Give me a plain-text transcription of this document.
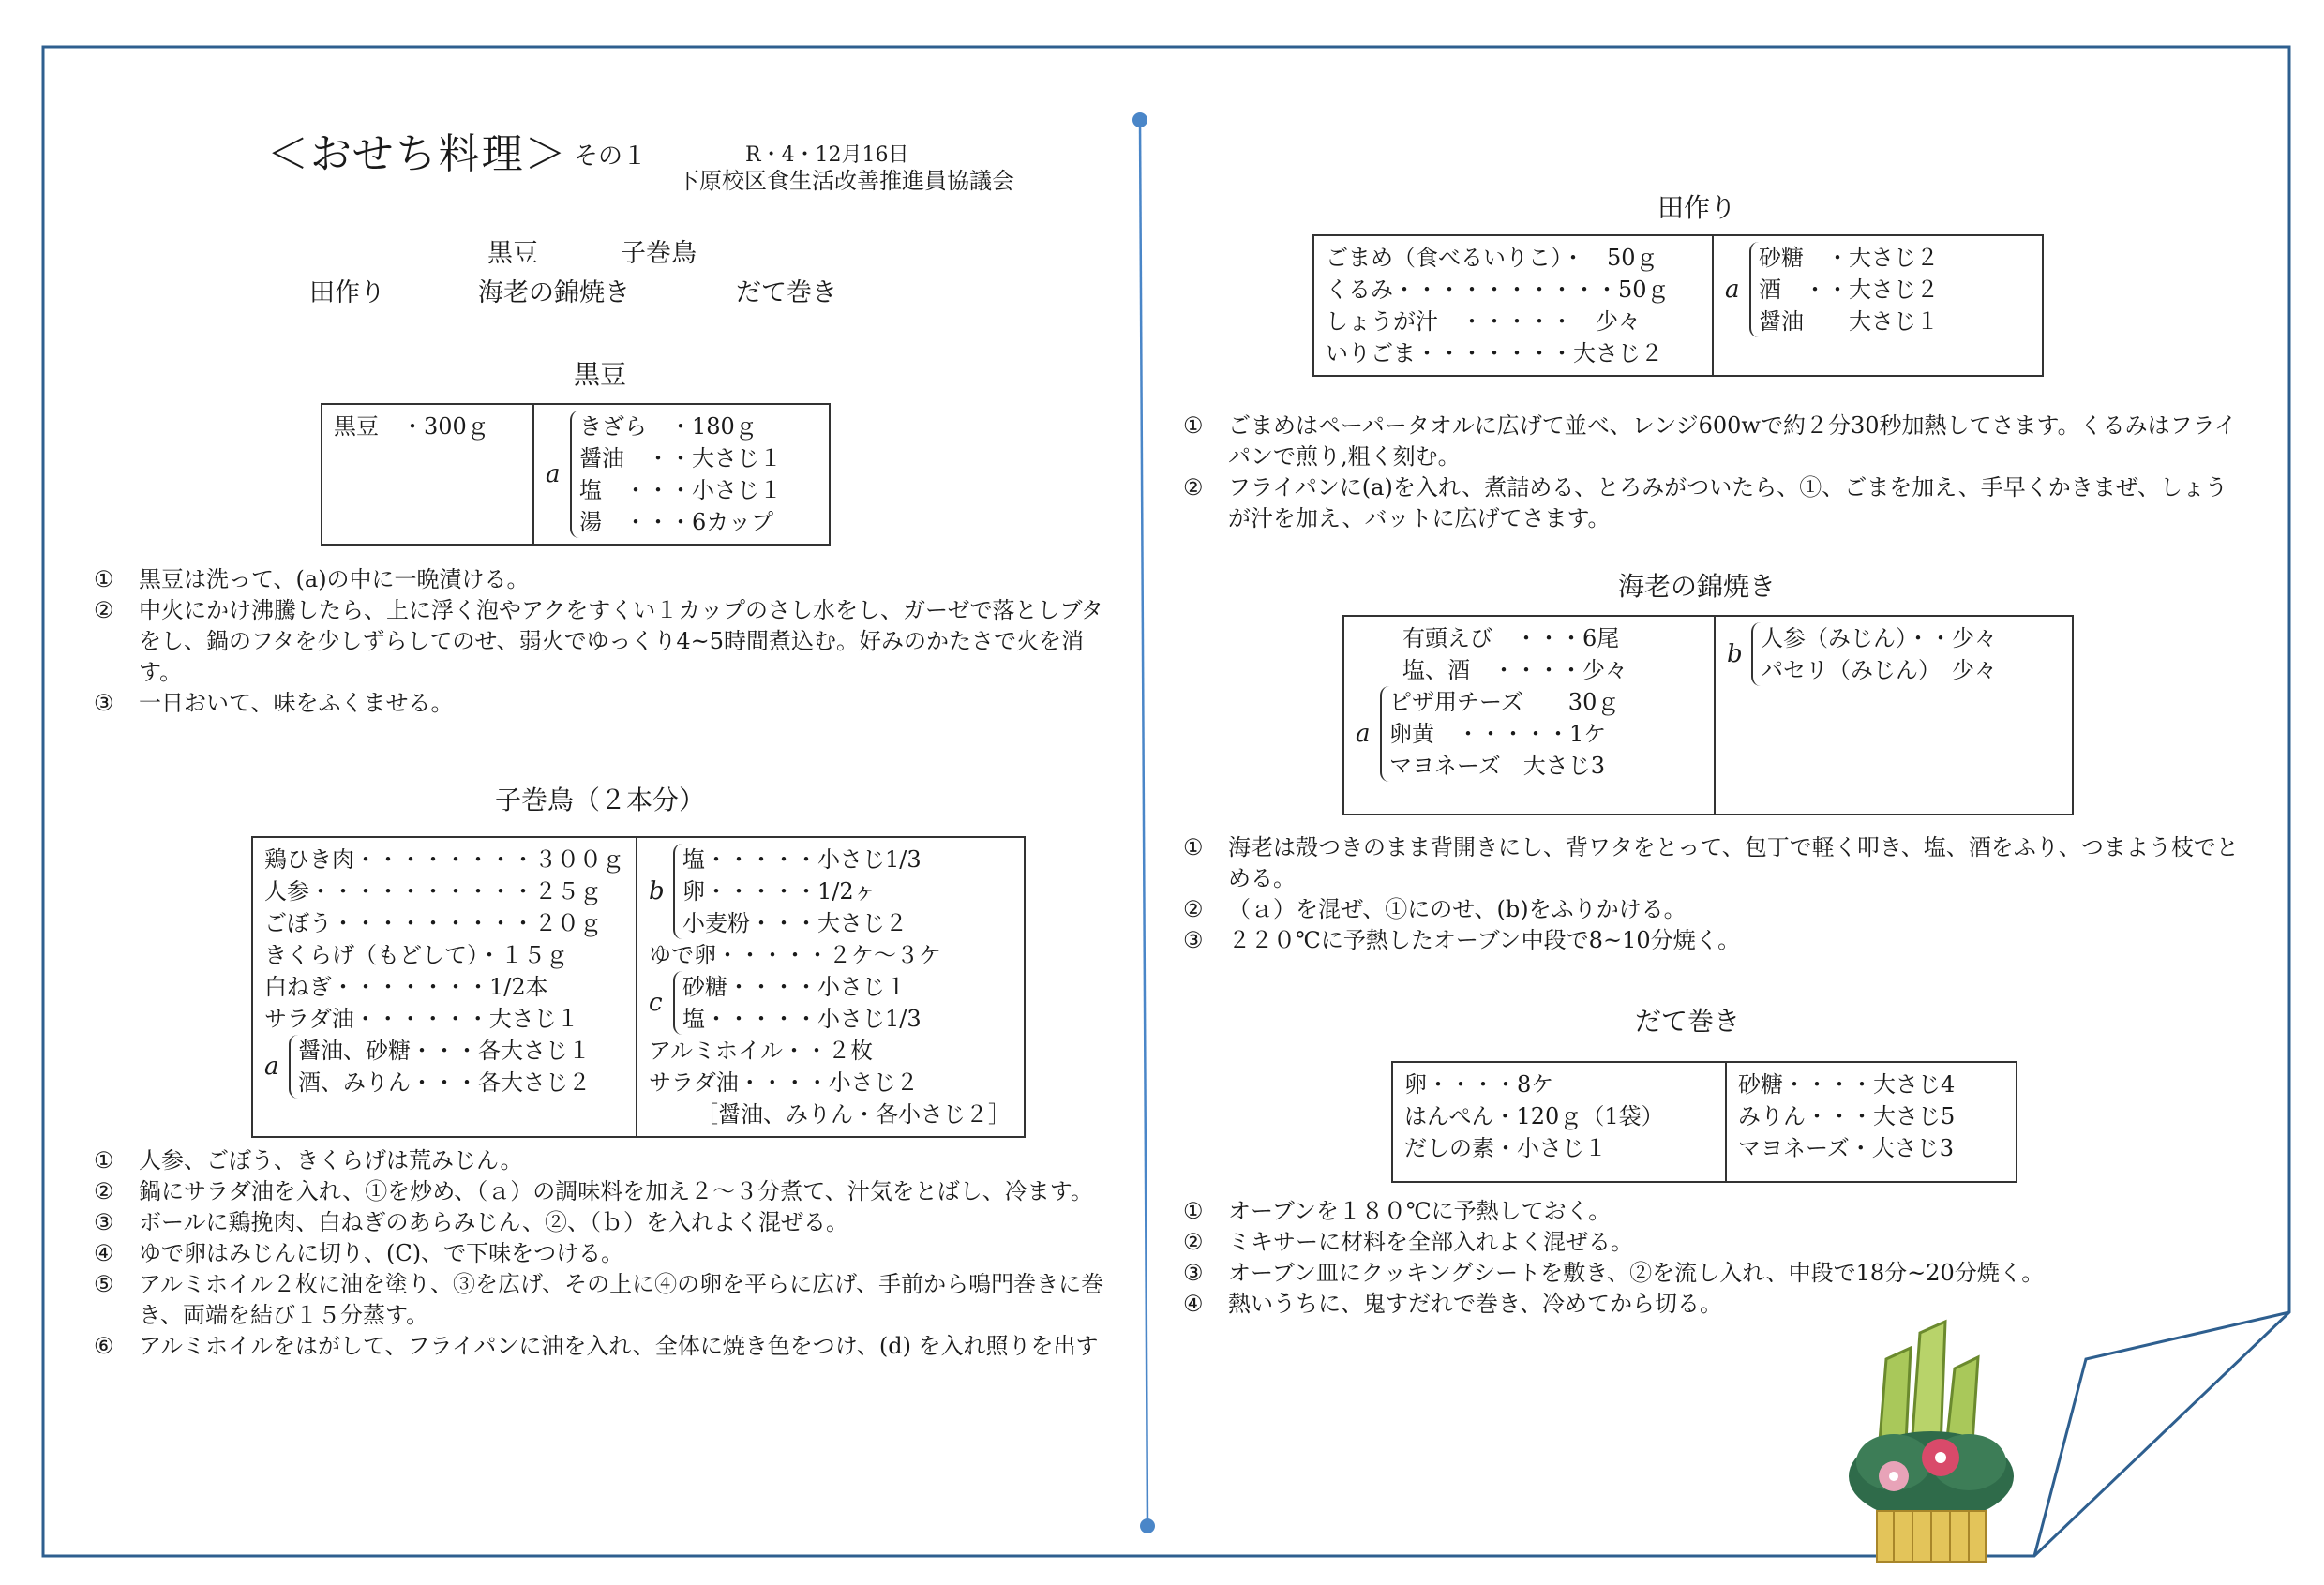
＜おせち料理＞ その１	R・4・12月16日
下原校区食生活改善推進員協議会
黒豆	子巻鳥
田作り	海老の錦焼き	だて巻き
黒豆
黒豆　・300ｇ

a
きざら　・180ｇ
醤油　・・大さじ１
塩　・・・小さじ１
湯　・・・6カップ
①	黒豆は洗って、(a)の中に一晩漬ける。
②	中火にかけ沸騰したら、上に浮く泡やアクをすくい１カップのさし水をし、ガーゼで落としブタをし、鍋のフタを少しずらしてのせ、弱火でゆっくり4~5時間煮込む。好みのかたさで火を消す。
③	一日おいて、味をふくませる。
子巻鳥（２本分）
鶏ひき肉・・・・・・・・３００ｇ
人参・・・・・・・・・・２５ｇ
ごぼう・・・・・・・・・２０ｇ
きくらげ（もどして）・１５ｇ
白ねぎ・・・・・・・1/2本
サラダ油・・・・・・大さじ１
a
醤油、砂糖・・・各大さじ１
酒、みりん・・・各大さじ２

b
塩・・・・・小さじ1/3
卵・・・・・1/2ヶ
小麦粉・・・大さじ２
ゆで卵・・・・・２ケ～３ケ
c
砂糖・・・・小さじ１
塩・・・・・小さじ1/3
アルミホイル・・２枚
サラダ油・・・・小さじ２
［醤油、みりん・各小さじ２］
①	人参、ごぼう、きくらげは荒みじん。
②	鍋にサラダ油を入れ、①を炒め、（ａ）の調味料を加え２～３分煮て、汁気をとばし、冷ます。
③	ボールに鶏挽肉、白ねぎのあらみじん、②、（ｂ）を入れよく混ぜる。
④	ゆで卵はみじんに切り、(C)、で下味をつける。
⑤	アルミホイル２枚に油を塗り、③を広げ、その上に④の卵を平らに広げ、手前から鳴門巻きに巻き、両端を結び１５分蒸す。
⑥	アルミホイルをはがして、フライパンに油を入れ、全体に焼き色をつけ、(d) を入れ照りを出す
田作り
ごまめ（食べるいりこ）・　50ｇ
くるみ・・・・・・・・・・50ｇ
しょうが汁　・・・・・　少々
いりごま・・・・・・・大さじ２

a
砂糖　・大さじ２
酒　・・大さじ２
醤油　　大さじ１
①	ごまめはペーパータオルに広げて並べ、レンジ600wで約２分30秒加熱してさます。くるみはフライパンで煎り,粗く刻む。
②	フライパンに(a)を入れ、煮詰める、とろみがついたら、①、ごまを加え、手早くかきまぜ、しょうが汁を加え、バットに広げてさます。
海老の錦焼き
有頭えび　・・・6尾
塩、酒　・・・・少々
a
ピザ用チーズ　　30ｇ
卵黄　・・・・・1ケ
マヨネーズ　大さじ3

b
人参（みじん）・・少々
パセリ（みじん）　少々
①	海老は殻つきのまま背開きにし、背ワタをとって、包丁で軽く叩き、塩、酒をふり、つまよう枝でとめる。
②	（ａ）を混ぜ、①にのせ、(b)をふりかける。
③	２２０℃に予熱したオーブン中段で8~10分焼く。
だて巻き
卵・・・・8ケ
はんぺん・120ｇ（1袋）
だしの素・小さじ１

砂糖・・・・大さじ4
みりん・・・大さじ5
マヨネーズ・大さじ3
①	オーブンを１８０℃に予熱しておく。
②	ミキサーに材料を全部入れよく混ぜる。
③	オーブン皿にクッキングシートを敷き、②を流し入れ、中段で18分~20分焼く。
④	熱いうちに、鬼すだれで巻き、冷めてから切る。
